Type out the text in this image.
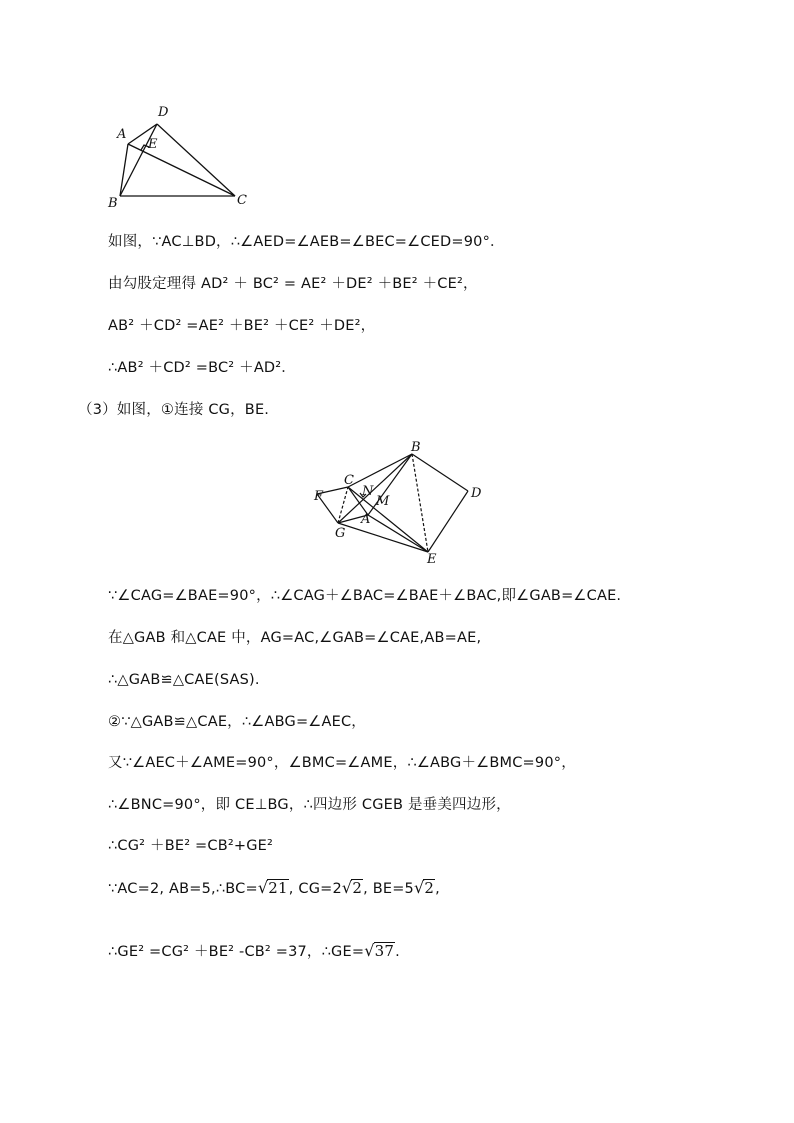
D
A
E
B	C
如图，∵AC⊥BD，∴∠AED=∠AEB=∠BEC=∠CED=90°．
由勾股定理得 AD² ＋ BC² = AE² ＋DE² ＋BE² ＋CE²，
AB² ＋CD² =AE² ＋BE² ＋CE² ＋DE²，
∴AB² ＋CD² =BC² ＋AD²．
（3）如图，①连接 CG，BE.
B
C
N
M
F
A
D
G
E
∵∠CAG=∠BAE=90°，∴∠CAG＋∠BAC=∠BAE＋∠BAC,即∠GAB=∠CAE.
在△GAB 和△CAE 中，AG=AC,∠GAB=∠CAE,AB=AE,
∴△GAB≌△CAE(SAS).
②∵△GAB≌△CAE，∴∠ABG=∠AEC，
又∵∠AEC＋∠AME=90°，∠BMC=∠AME，∴∠ABG＋∠BMC=90°，
∴∠BNC=90°，即 CE⊥BG，∴四边形 CGEB 是垂美四边形，
∴CG² ＋BE² =CB²+GE²
∵AC=2, AB=5,∴BC=√21, CG=2√2, BE=5√2,
∴GE² =CG² ＋BE² -CB² =37，∴GE=√37.
